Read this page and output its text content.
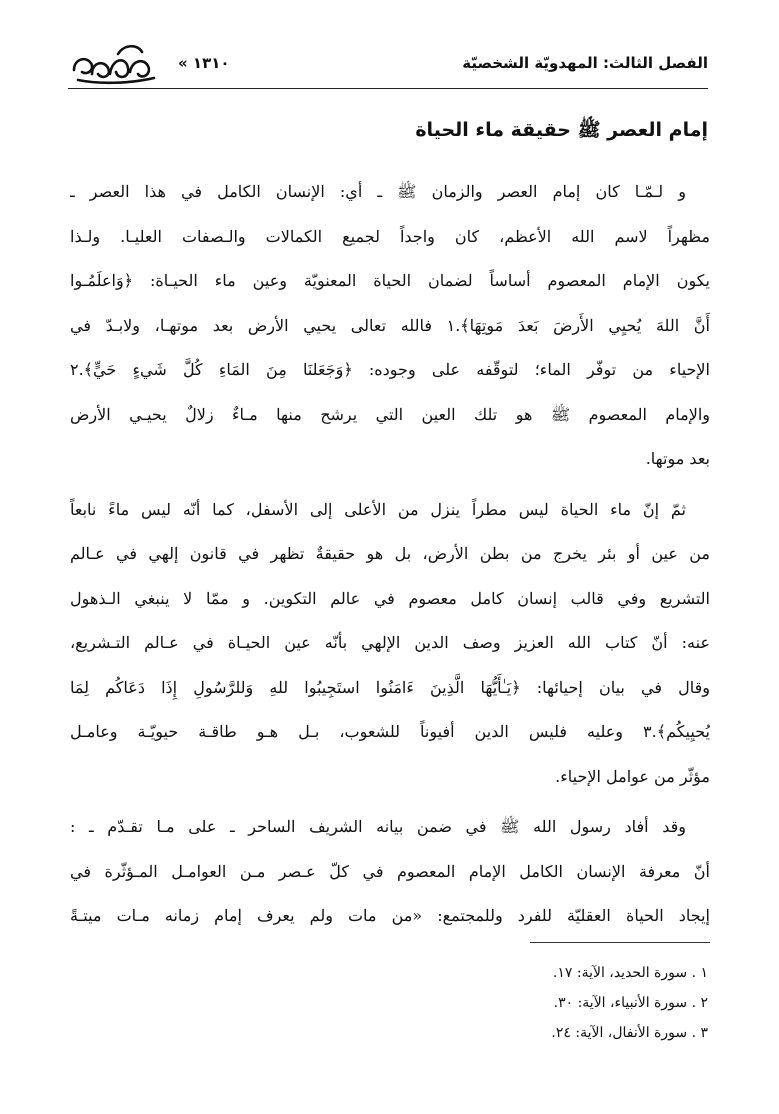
١٣١٠ »	الفصل الثالث: المهدويّة الشخصيّة
إمام العصر ﷺ حقيقة ماء الحياة
و لـمّـا كان إمام العصر والزمان ﷺ ـ أي: الإنسان الكامل في هذا العصر ـ
مظهراً لاسم الله الأعظم، كان واجداً لجميع الكمالات والـصفات العليـا. ولـذا
يكون الإمام المعصوم أساساً لضمان الحياة المعنويّة وعين ماء الحيـاة: ﴿وَاعلَمُـوا
أَنَّ اللهَ يُحيِي الأَرضَ بَعدَ مَوتِهَا﴾.١ فالله تعالى يحيي الأرض بعد موتهـا، ولابـدّ في
الإحياء من توفّر الماء؛ لتوقّفه على وجوده: ﴿وَجَعَلنَا مِنَ المَاءِ كُلَّ شَيءٍ حَيٍّ﴾.٢
والإمام المعصوم ﷺ هو تلك العين التي يرشح منها مـاءٌ زلالٌ يحيـي الأرض
بعد موتها.
ثمّ إنّ ماء الحياة ليس مطراً ينزل من الأعلى إلى الأسفل، كما أنّه ليس ماءً نابعاً
من عين أو بئر يخرج من بطن الأرض، بل هو حقيقةٌ تظهر في قانون إلهي في عـالم
التشريع وفي قالب إنسان كامل معصوم في عالم التكوين. و ممّا لا ينبغي الـذهول
عنه: أنّ كتاب الله العزيز وصف الدين الإلهي بأنّه عين الحيـاة في عـالم التـشريع،
وقال في بيان إحيائها: ﴿يَـٰأَيُّهَا الَّذِينَ ءَامَنُوا استَجِيبُوا للهِ وَللرَّسُولِ إِذَا دَعَاكُم لِمَا
يُحيِيكُم﴾.٣ وعليه فليس الدين أفيوناً للشعوب، بـل هـو طاقـة حيويّـة وعامـل
مؤثّر من عوامل الإحياء.
وقد أفاد رسول الله ﷺ في ضمن بيانه الشريف الساحر ـ على مـا تقـدّم ـ :
أنّ معرفة الإنسان الكامل الإمام المعصوم في كلّ عـصر مـن العوامـل المـؤثّرة في
إيجاد الحياة العقليّة للفرد وللمجتمع: «من مات ولم يعرف إمام زمانه مـات ميتـةً
١ . سورة الحديد، الآية: ١٧.
٢ . سورة الأنبياء، الآية: ٣٠.
٣ . سورة الأنفال، الآية: ٢٤.
